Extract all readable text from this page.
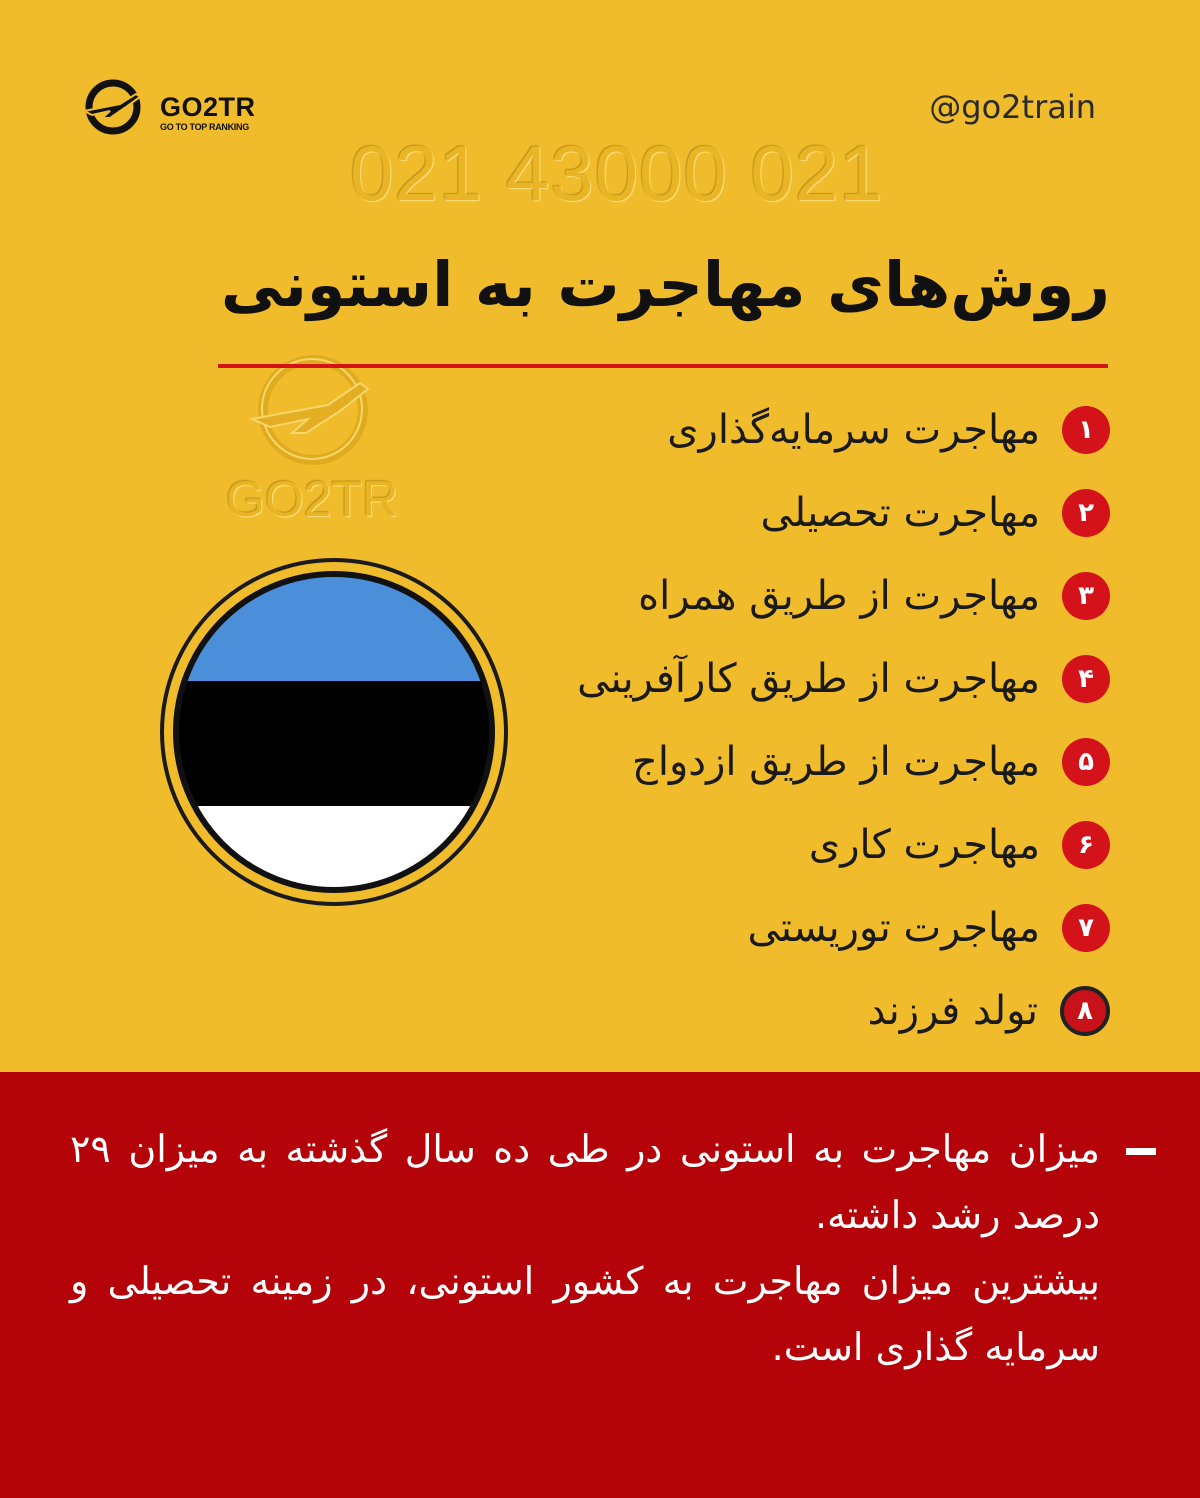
GO2TR
GO TO TOP RANKING
@go2train
021 43000 021
GO2TR
روش‌های مهاجرت به استونی
۱
مهاجرت سرمایه‌گذاری
۲
مهاجرت تحصیلی
۳
مهاجرت از طریق همراه
۴
مهاجرت از طریق کارآفرینی
۵
مهاجرت از طریق ازدواج
۶
مهاجرت کاری
۷
مهاجرت توریستی
۸
تولد فرزند
میزان مهاجرت به استونی در طی ده سال گذشته به میزان ۲۹ درصد رشد داشته.
بیشترین میزان مهاجرت به کشور استونی، در زمینه تحصیلی و سرمایه گذاری است.
